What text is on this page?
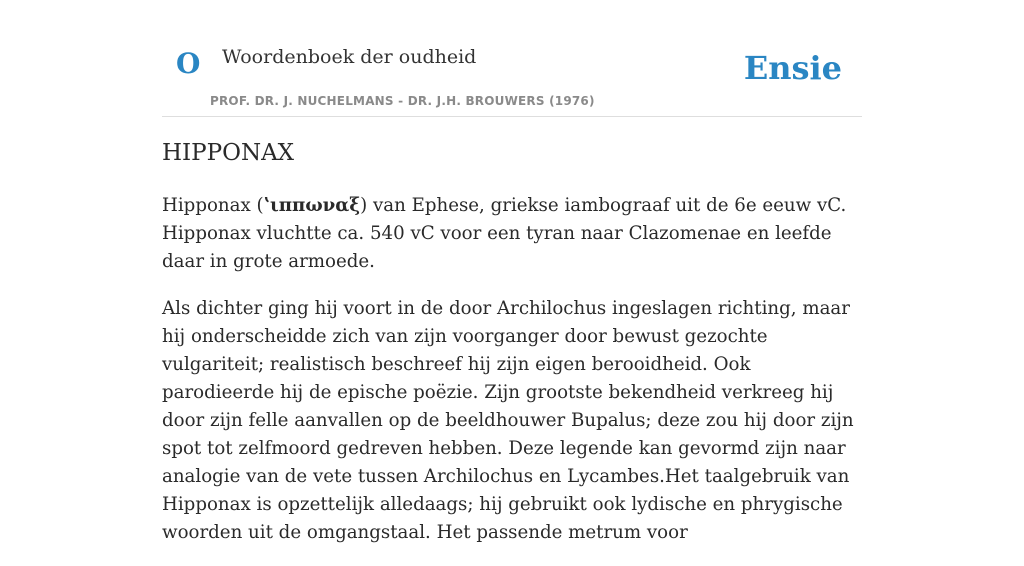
O Woordenboek der oudheid
PROF. DR. J. NUCHELMANS - DR. J.H. BROUWERS (1976)
Ensie
HIPPONAX

Hipponax (ʽιππωναξ) van Ephese, griekse iambograaf uit de 6e eeuw vC. Hipponax vluchtte ca. 540 vC voor een tyran naar Clazomenae en leefde daar in grote armoede.

Als dichter ging hij voort in de door Archilochus ingeslagen richting, maar hij onderscheidde zich van zijn voorganger door bewust gezochte vulgariteit; realistisch beschreef hij zijn eigen berooidheid. Ook parodieerde hij de epische poëzie. Zijn grootste bekendheid verkreeg hij door zijn felle aanvallen op de beeldhouwer Bupalus; deze zou hij door zijn spot tot zelfmoord gedreven hebben. Deze legende kan gevormd zijn naar analogie van de vete tussen Archilochus en Lycambes.Het taalgebruik van Hipponax is opzettelijk alledaags; hij gebruikt ook lydische en phrygische woorden uit de omgangstaal. Het passende metrum voor
